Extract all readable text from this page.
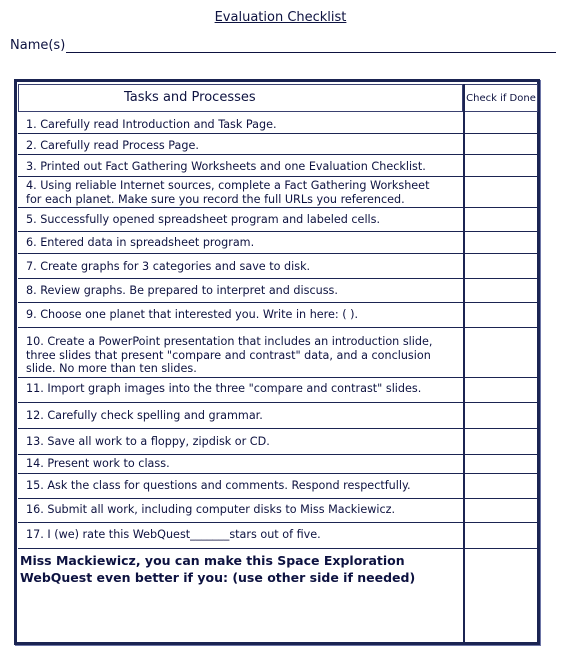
Evaluation Checklist
Name(s)
Tasks and Processes	Check if Done
1. Carefully read Introduction and Task Page.
2. Carefully read Process Page.
3. Printed out Fact Gathering Worksheets and one Evaluation Checklist.
4. Using reliable Internet sources, complete a Fact Gathering Worksheet
for each planet. Make sure you record the full URLs you referenced.
5. Successfully opened spreadsheet program and labeled cells.
6. Entered data in spreadsheet program.
7. Create graphs for 3 categories and save to disk.
8. Review graphs. Be prepared to interpret and discuss.
9. Choose one planet that interested you. Write in here: ( ).
10. Create a PowerPoint presentation that includes an introduction slide,
three slides that present "compare and contrast" data, and a conclusion
slide. No more than ten slides.
11. Import graph images into the three "compare and contrast" slides.
12. Carefully check spelling and grammar.
13. Save all work to a floppy, zipdisk or CD.
14. Present work to class.
15. Ask the class for questions and comments. Respond respectfully.
16. Submit all work, including computer disks to Miss Mackiewicz.
17. I (we) rate this WebQuest_______stars out of five.
Miss Mackiewicz, you can make this Space Exploration
WebQuest even better if you: (use other side if needed)
